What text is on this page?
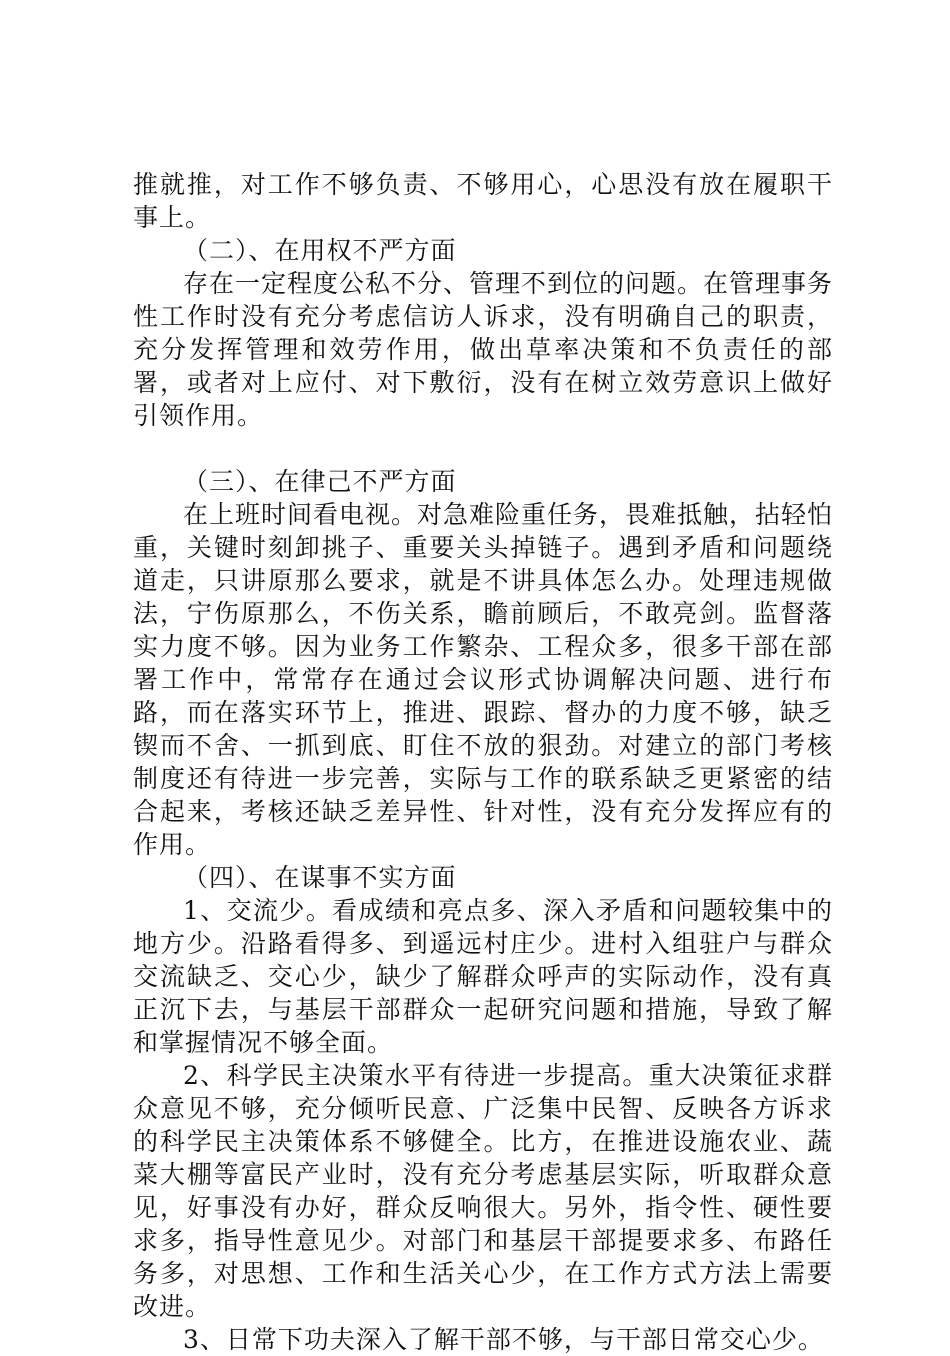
推就推，对工作不够负责、不够用心，心思没有放在履职干事上。

（二）、在用权不严方面

存在一定程度公私不分、管理不到位的问题。在管理事务性工作时没有充分考虑信访人诉求，没有明确自己的职责，充分发挥管理和效劳作用，做出草率决策和不负责任的部署，或者对上应付、对下敷衍，没有在树立效劳意识上做好引领作用。

（三）、在律己不严方面

在上班时间看电视。对急难险重任务，畏难抵触，拈轻怕重，关键时刻卸挑子、重要关头掉链子。遇到矛盾和问题绕道走，只讲原那么要求，就是不讲具体怎么办。处理违规做法，宁伤原那么，不伤关系，瞻前顾后，不敢亮剑。监督落实力度不够。因为业务工作繁杂、工程众多，很多干部在部署工作中，常常存在通过会议形式协调解决问题、进行布路，而在落实环节上，推进、跟踪、督办的力度不够，缺乏锲而不舍、一抓到底、盯住不放的狠劲。对建立的部门考核制度还有待进一步完善，实际与工作的联系缺乏更紧密的结合起来，考核还缺乏差异性、针对性，没有充分发挥应有的作用。

（四）、在谋事不实方面

1、交流少。看成绩和亮点多、深入矛盾和问题较集中的地方少。沿路看得多、到遥远村庄少。进村入组驻户与群众交流缺乏、交心少，缺少了解群众呼声的实际动作，没有真正沉下去，与基层干部群众一起研究问题和措施，导致了解和掌握情况不够全面。

2、科学民主决策水平有待进一步提高。重大决策征求群众意见不够，充分倾听民意、广泛集中民智、反映各方诉求的科学民主决策体系不够健全。比方，在推进设施农业、蔬菜大棚等富民产业时，没有充分考虑基层实际，听取群众意见，好事没有办好，群众反响很大。另外，指令性、硬性要求多，指导性意见少。对部门和基层干部提要求多、布路任务多，对思想、工作和生活关心少，在工作方式方法上需要改进。

3、日常下功夫深入了解干部不够，与干部日常交心少。
